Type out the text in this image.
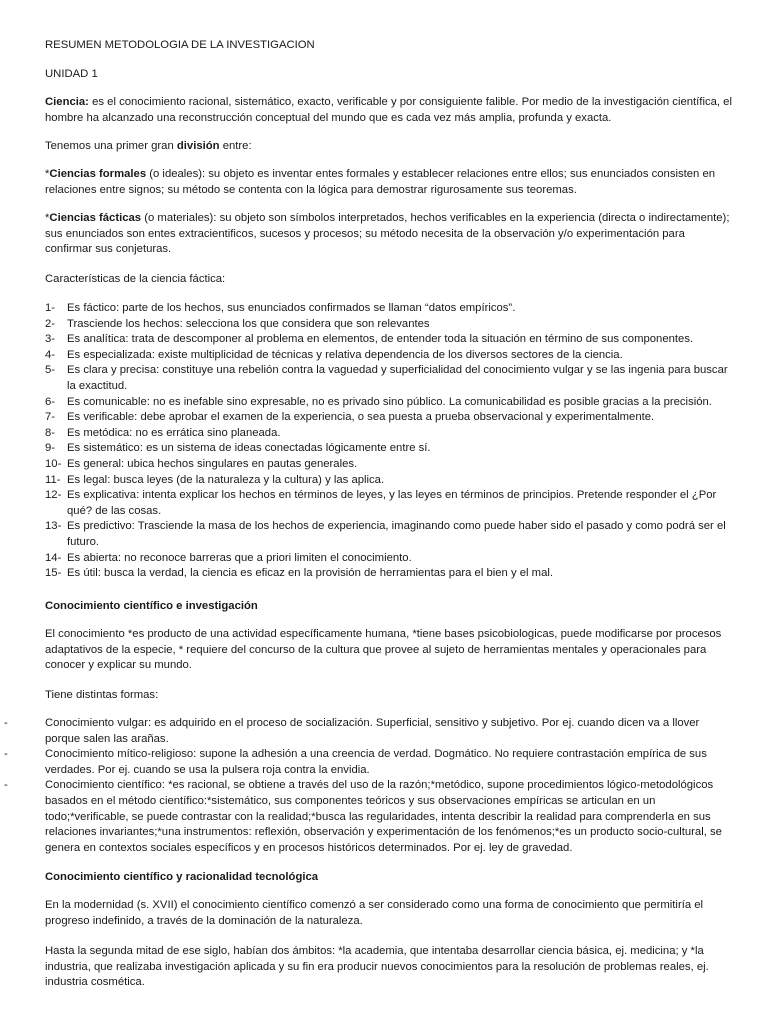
RESUMEN METODOLOGIA DE LA INVESTIGACION

UNIDAD 1

Ciencia: es el conocimiento racional, sistemático, exacto, verificable y por consiguiente falible. Por medio de la investigación científica, el hombre ha alcanzado una reconstrucción conceptual del mundo que es cada vez más amplia, profunda y exacta.

Tenemos una primer gran división entre:

*Ciencias formales (o ideales): su objeto es inventar entes formales y establecer relaciones entre ellos; sus enunciados consisten en relaciones entre signos; su método se contenta con la lógica para demostrar rigurosamente sus teoremas.

*Ciencias fácticas (o materiales): su objeto son símbolos interpretados, hechos verificables en la experiencia (directa o indirectamente); sus enunciados son entes extracientificos, sucesos y procesos; su método necesita de la observación y/o experimentación para confirmar sus conjeturas.

Características de la ciencia fáctica:

1- Es fáctico: parte de los hechos, sus enunciados confirmados se llaman “datos empíricos”.
2- Trasciende los hechos: selecciona los que considera que son relevantes
3- Es analítica: trata de descomponer al problema en elementos, de entender toda la situación en término de sus componentes.
4- Es especializada: existe multiplicidad de técnicas y relativa dependencia de los diversos sectores de la ciencia.
5- Es clara y precisa: constituye una rebelión contra la vaguedad y superficialidad del conocimiento vulgar y se las ingenia para buscar la exactitud.
6- Es comunicable: no es inefable sino expresable, no es privado sino público. La comunicabilidad es posible gracias a la precisión.
7- Es verificable: debe aprobar el examen de la experiencia, o sea puesta a prueba observacional y experimentalmente.
8- Es metódica: no es errática sino planeada.
9- Es sistemático: es un sistema de ideas conectadas lógicamente entre sí.
10- Es general: ubica hechos singulares en pautas generales.
11- Es legal: busca leyes (de la naturaleza y la cultura) y las aplica.
12- Es explicativa: intenta explicar los hechos en términos de leyes, y las leyes en términos de principios. Pretende responder el ¿Por qué? de las cosas.
13- Es predictivo: Trasciende la masa de los hechos de experiencia, imaginando como puede haber sido el pasado y como podrá ser el futuro.
14- Es abierta: no reconoce barreras que a priori limiten el conocimiento.
15- Es útil: busca la verdad, la ciencia es eficaz en la provisión de herramientas para el bien y el mal.

Conocimiento científico e investigación

El conocimiento *es producto de una actividad específicamente humana, *tiene bases psicobiologicas, puede modificarse por procesos adaptativos de la especie, * requiere del concurso de la cultura que provee al sujeto de herramientas mentales y operacionales para conocer y explicar su mundo.

Tiene distintas formas:

-	Conocimiento vulgar: es adquirido en el proceso de socialización. Superficial, sensitivo y subjetivo. Por ej. cuando dicen va a llover porque salen las arañas.
-	Conocimiento mítico-religioso: supone la adhesión a una creencia de verdad. Dogmático. No requiere contrastación empírica de sus verdades. Por ej. cuando se usa la pulsera roja contra la envidia.
-	Conocimiento científico: *es racional, se obtiene a través del uso de la razón;*metódico, supone procedimientos lógico-metodológicos basados en el método científico:*sistemático, sus componentes teóricos y sus observaciones empíricas se articulan en un todo;*verificable, se puede contrastar con la realidad;*busca las regularidades, intenta describir la realidad para comprenderla en sus relaciones invariantes;*una instrumentos: reflexión, observación y experimentación de los fenómenos;*es un producto socio-cultural, se genera en contextos sociales específicos y en procesos históricos determinados. Por ej. ley de gravedad.

Conocimiento científico y racionalidad tecnológica

En la modernidad (s. XVII) el conocimiento científico comenzó a ser considerado como una forma de conocimiento que permitiría el progreso indefinido, a través de la dominación de la naturaleza.

Hasta la segunda mitad de ese siglo, habían dos ámbitos: *la academia, que intentaba desarrollar ciencia básica, ej. medicina; y *la industria, que realizaba investigación aplicada y su fin era producir nuevos conocimientos para la resolución de problemas reales, ej. industria cosmética.
